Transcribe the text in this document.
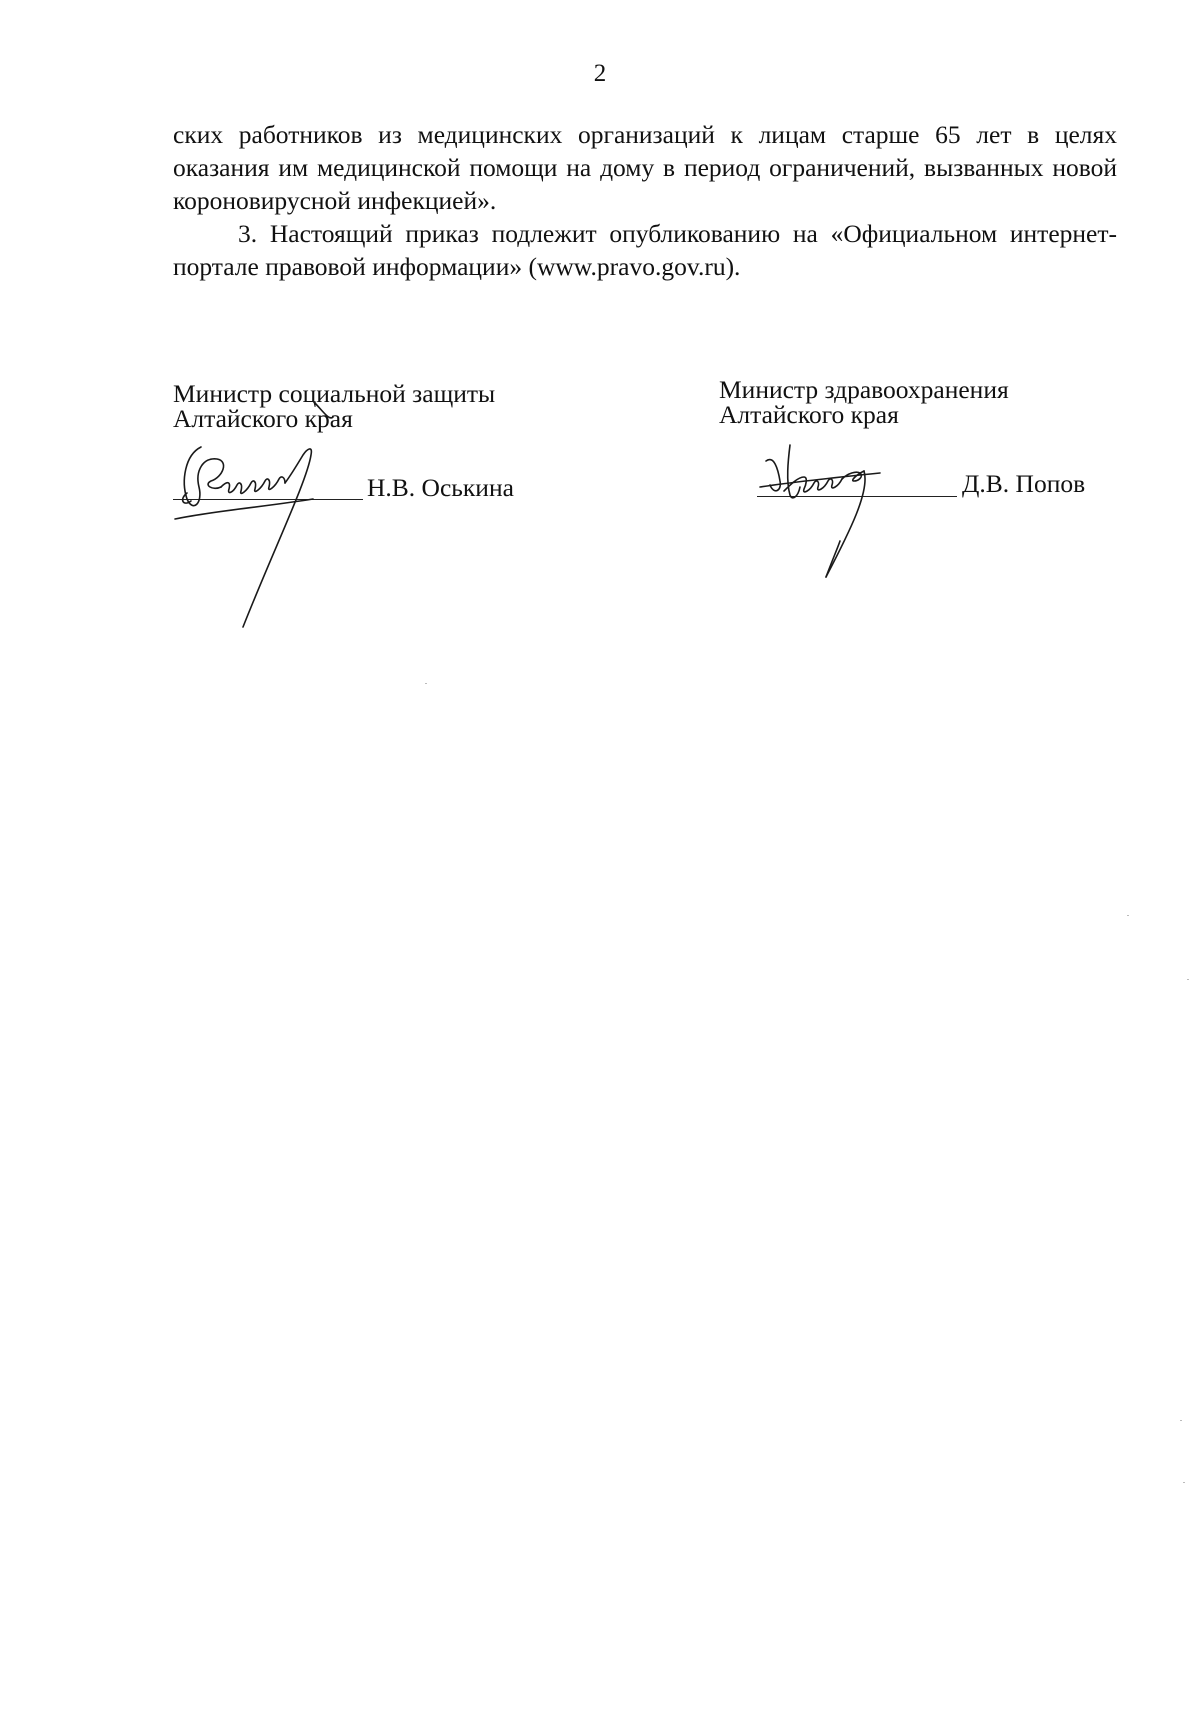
2

ских работников из медицинских организаций к лицам старше 65 лет в целях оказания им медицинской помощи на дому в период ограничений, вызванных новой короновирусной инфекцией».

3. Настоящий приказ подлежит опубликованию на «Официальном интернет-портале правовой информации» (www.pravo.gov.ru).

Министр социальной защиты
Алтайского края
Н.В. Оськина
Министр здравоохранения
Алтайского края
Д.В. Попов
